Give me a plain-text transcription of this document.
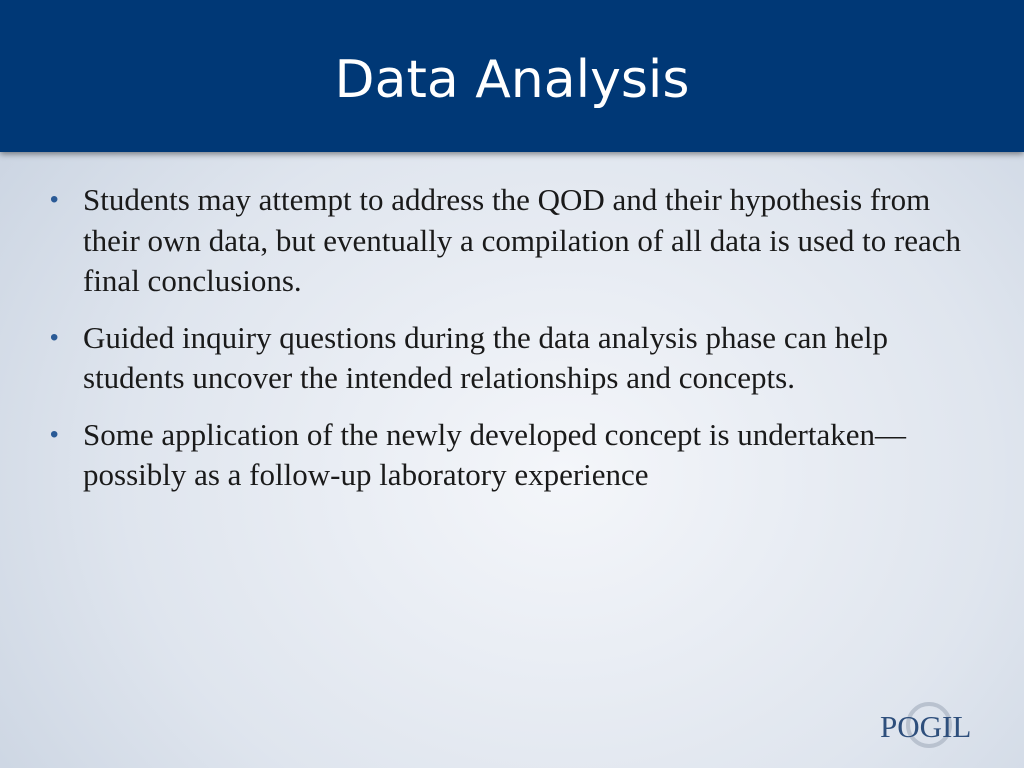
Data Analysis
• Students may attempt to address the QOD and their hypothesis from their own data, but eventually a compilation of all data is used to reach final conclusions.
• Guided inquiry questions during the data analysis phase can help students uncover the intended relationships and concepts.
• Some application of the newly developed concept is undertaken—possibly as a follow-up laboratory experience
POGIL
